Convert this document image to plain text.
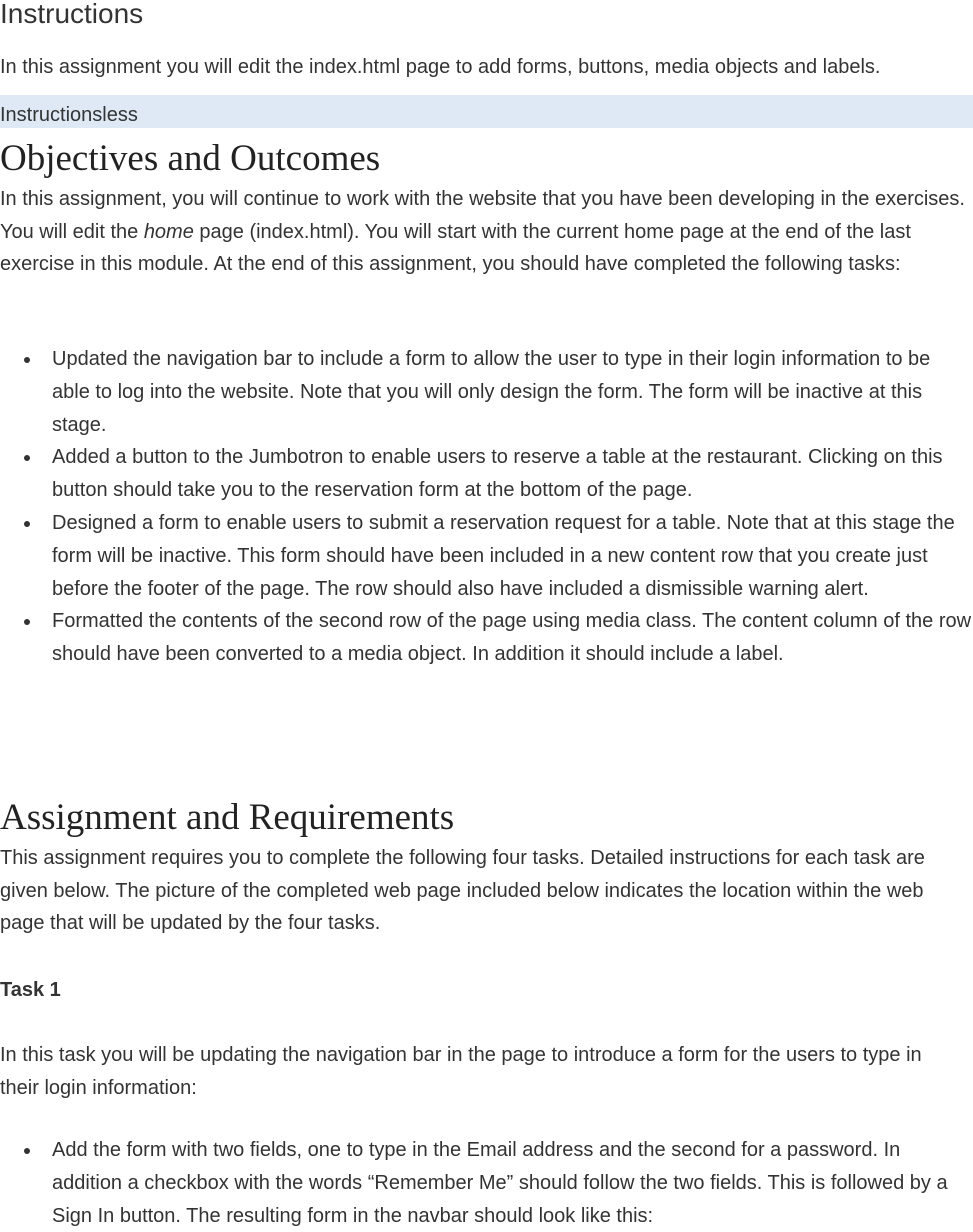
Instructions

In this assignment you will edit the index.html page to add forms, buttons, media objects and labels.

Instructionsless
Objectives and Outcomes

In this assignment, you will continue to work with the website that you have been developing in the exercises. You will edit the home page (index.html). You will start with the current home page at the end of the last exercise in this module. At the end of this assignment, you should have completed the following tasks:

Updated the navigation bar to include a form to allow the user to type in their login information to be able to log into the website. Note that you will only design the form. The form will be inactive at this stage.
Added a button to the Jumbotron to enable users to reserve a table at the restaurant. Clicking on this button should take you to the reservation form at the bottom of the page.
Designed a form to enable users to submit a reservation request for a table. Note that at this stage the form will be inactive. This form should have been included in a new content row that you create just before the footer of the page. The row should also have included a dismissible warning alert.
Formatted the contents of the second row of the page using media class. The content column of the row should have been converted to a media object. In addition it should include a label.
Assignment and Requirements

This assignment requires you to complete the following four tasks. Detailed instructions for each task are given below. The picture of the completed web page included below indicates the location within the web page that will be updated by the four tasks.

Task 1

In this task you will be updating the navigation bar in the page to introduce a form for the users to type in their login information:

Add the form with two fields, one to type in the Email address and the second for a password. In addition a checkbox with the words “Remember Me” should follow the two fields. This is followed by a Sign In button. The resulting form in the navbar should look like this:
